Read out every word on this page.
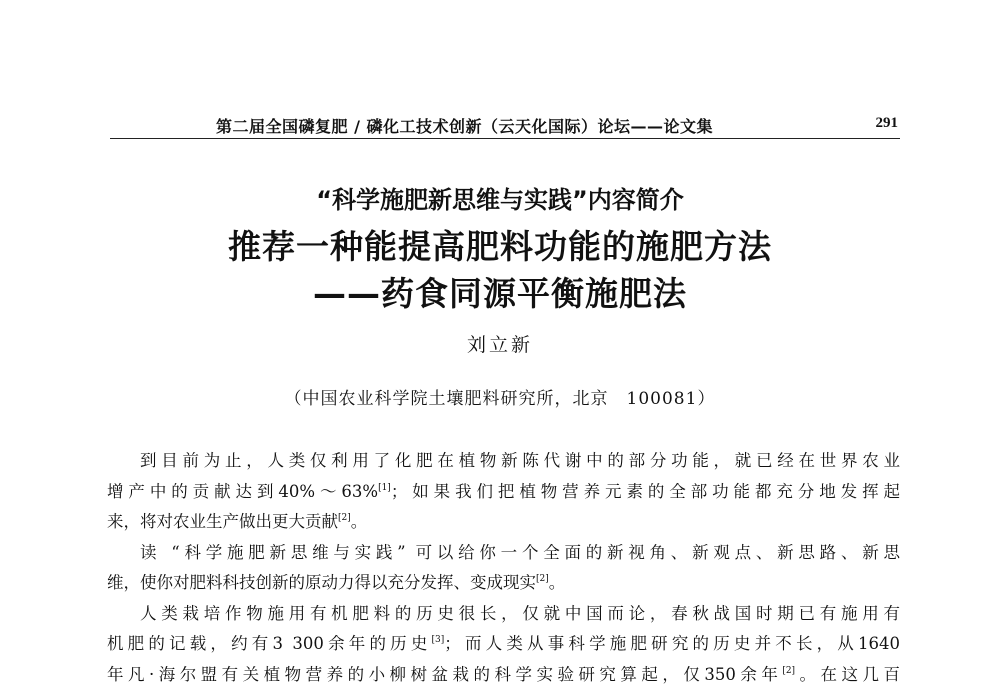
第二届全国磷复肥 / 磷化工技术创新（云天化国际）论坛——论文集	291
“科学施肥新思维与实践”内容简介
推荐一种能提高肥料功能的施肥方法
——药食同源平衡施肥法
刘立新
（中国农业科学院土壤肥料研究所，北京　100081）

到目前为止，人类仅利用了化肥在植物新陈代谢中的部分功能，就已经在世界农业
增产中的贡献达到40%～63%[1]；如果我们把植物营养元素的全部功能都充分地发挥起
来，将对农业生产做出更大贡献[2]。

读 “科学施肥新思维与实践” 可以给你一个全面的新视角、新观点、新思路、新思
维，使你对肥料科技创新的原动力得以充分发挥、变成现实[2]。

人类栽培作物施用有机肥料的历史很长，仅就中国而论，春秋战国时期已有施用有
机肥的记载，约有3 300余年的历史[3]；而人类从事科学施肥研究的历史并不长，从1640
年凡·海尔盟有关植物营养的小柳树盆栽的科学实验研究算起，仅350余年[2]。在这几百
